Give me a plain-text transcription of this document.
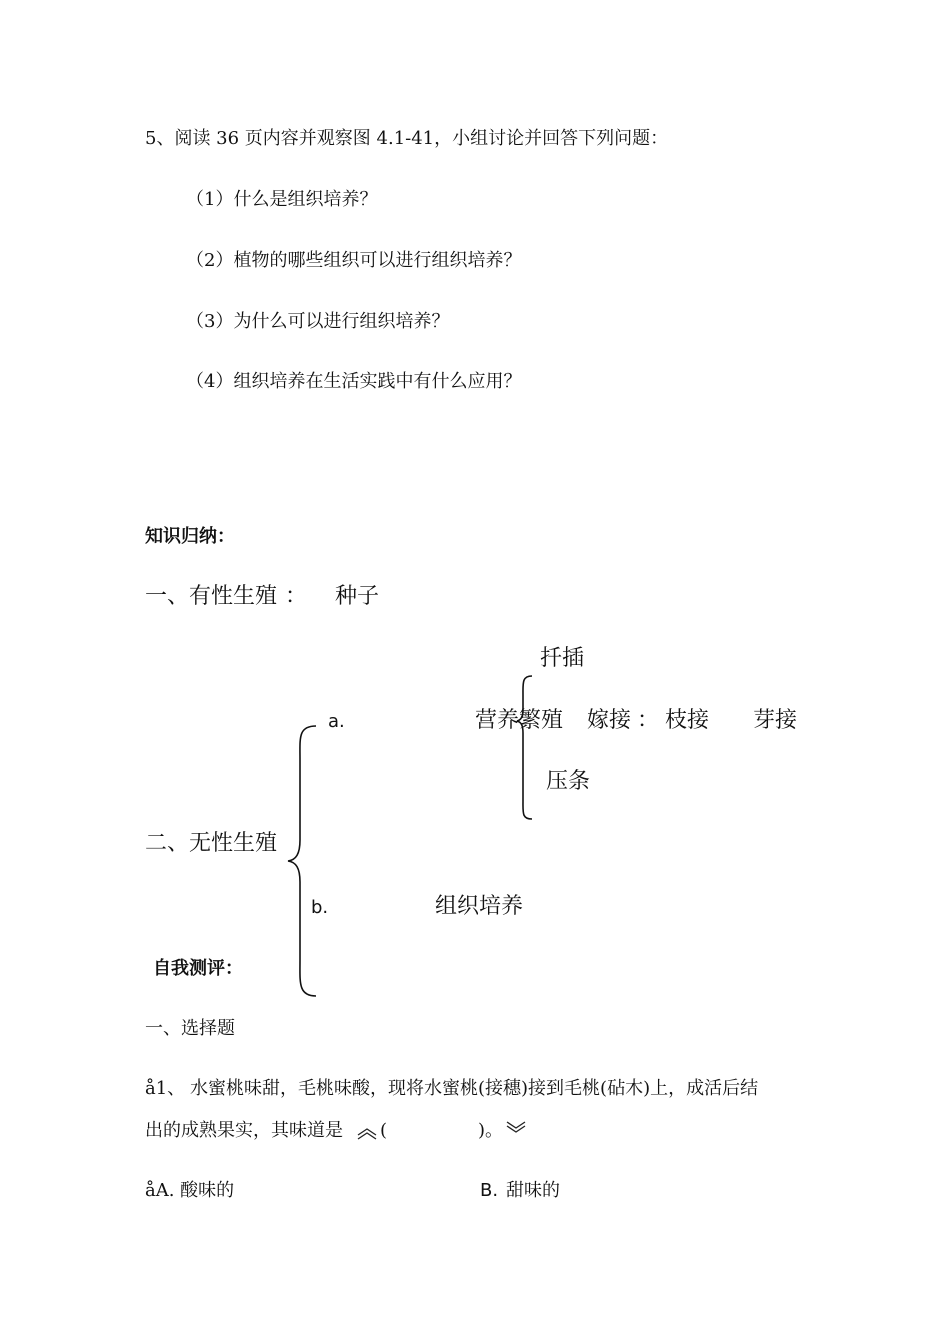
5、阅读 36 页内容并观察图 4.1-41，小组讨论并回答下列问题：
（1）什么是组织培养？
（2）植物的哪些组织可以进行组织培养？
（3）为什么可以进行组织培养？
（4）组织培养在生活实践中有什么应用？
知识归纳：
一、有性生殖 ： 种子
扦插
a.	营养繁殖 嫁接 ： 枝接 芽接
压条
二、无性生殖
b.	组织培养
自我测评：
一、选择题
å1、 水蜜桃味甜，毛桃味酸，现将水蜜桃(接穗)接到毛桃(砧木)上，成活后结
出的成熟果实，其味道是 (	)。
åA. 酸味的	B. 甜味的
